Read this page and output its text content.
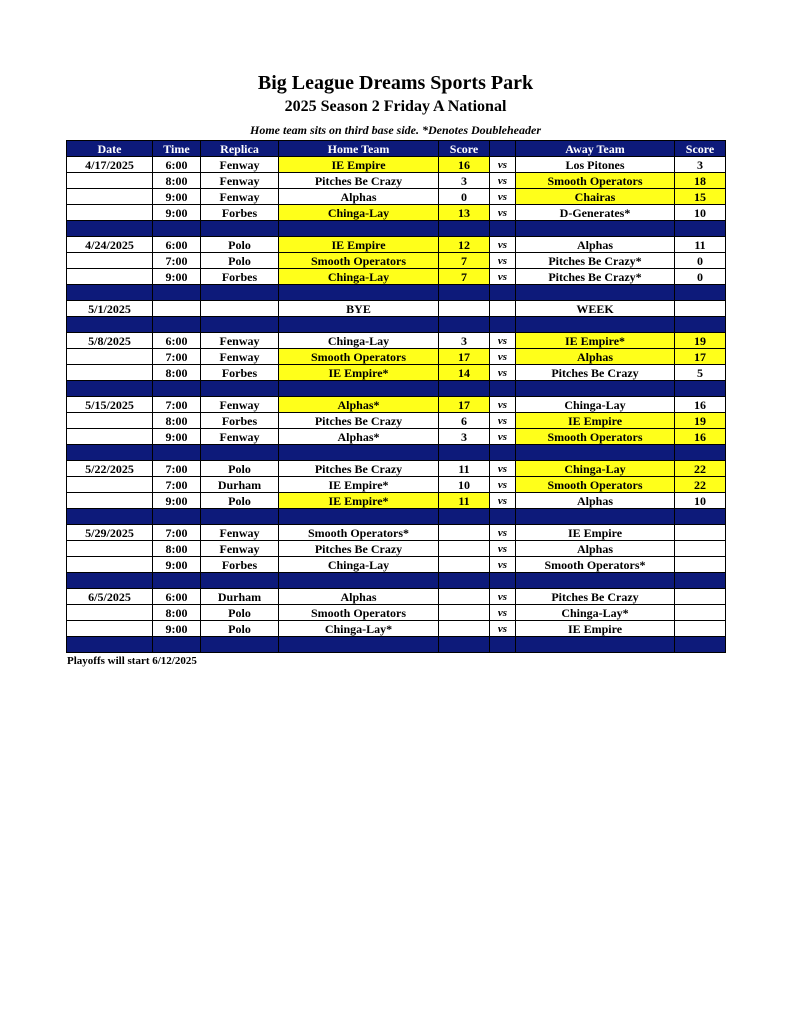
Big League Dreams Sports Park
2025 Season 2 Friday A National
Home team sits on third base side. *Denotes Doubleheader
Date	Time	Replica	Home Team	Score		Away Team	Score
4/17/2025	6:00	Fenway	IE Empire	16	vs	Los Pitones	3
	8:00	Fenway	Pitches Be Crazy	3	vs	Smooth Operators	18
	9:00	Fenway	Alphas	0	vs	Chairas	15
	9:00	Forbes	Chinga-Lay	13	vs	D-Generates*	10

4/24/2025	6:00	Polo	IE Empire	12	vs	Alphas	11
	7:00	Polo	Smooth Operators	7	vs	Pitches Be Crazy*	0
	9:00	Forbes	Chinga-Lay	7	vs	Pitches Be Crazy*	0

5/1/2025			BYE			WEEK	

5/8/2025	6:00	Fenway	Chinga-Lay	3	vs	IE Empire*	19
	7:00	Fenway	Smooth Operators	17	vs	Alphas	17
	8:00	Forbes	IE Empire*	14	vs	Pitches Be Crazy	5

5/15/2025	7:00	Fenway	Alphas*	17	vs	Chinga-Lay	16
	8:00	Forbes	Pitches Be Crazy	6	vs	IE Empire	19
	9:00	Fenway	Alphas*	3	vs	Smooth Operators	16

5/22/2025	7:00	Polo	Pitches Be Crazy	11	vs	Chinga-Lay	22
	7:00	Durham	IE Empire*	10	vs	Smooth Operators	22
	9:00	Polo	IE Empire*	11	vs	Alphas	10

5/29/2025	7:00	Fenway	Smooth Operators*		vs	IE Empire	
	8:00	Fenway	Pitches Be Crazy		vs	Alphas	
	9:00	Forbes	Chinga-Lay		vs	Smooth Operators*	

6/5/2025	6:00	Durham	Alphas		vs	Pitches Be Crazy	
	8:00	Polo	Smooth Operators		vs	Chinga-Lay*	
	9:00	Polo	Chinga-Lay*		vs	IE Empire	

Playoffs will start 6/12/2025
